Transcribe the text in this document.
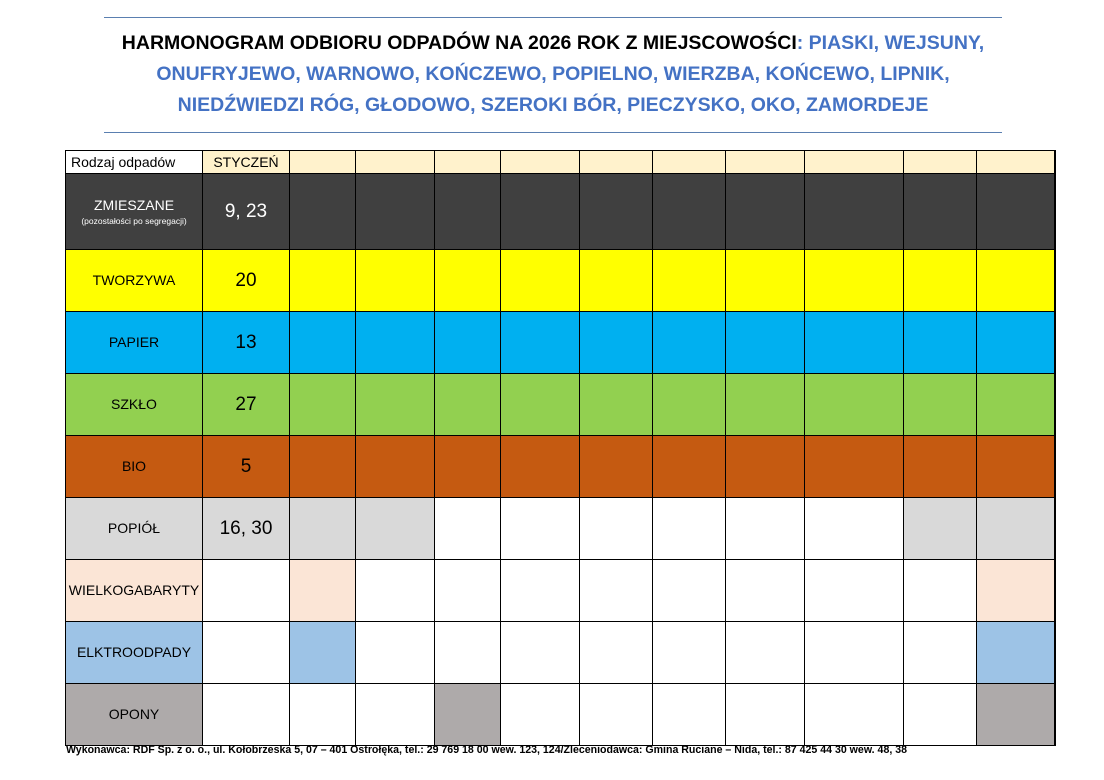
HARMONOGRAM ODBIORU ODPADÓW NA 2026 ROK Z MIEJSCOWOŚCI: PIASKI, WEJSUNY, ONUFRYJEWO, WARNOWO, KOŃCZEWO, POPIELNO, WIERZBA, KOŃCEWO, LIPNIK, NIEDŹWIEDZI RÓG, GŁODOWO, SZEROKI BÓR, PIECZYSKO, OKO, ZAMORDEJE
Rodzaj odpadów	STYCZEŃ											
ZMIESZANE
(pozostałości po segregacji)	9, 23											
TWORZYWA	20											
PAPIER	13											
SZKŁO	27											
BIO	5											
POPIÓŁ	16, 30											
WIELKOGABARYTY												
ELKTROODPADY												
OPONY												
Wykonawca: RDF Sp. z o. o., ul. Kołobrzeska 5, 07 – 401 Ostrołęka, tel.: 29 769 18 00 wew. 123, 124/Zleceniodawca: Gmina Ruciane – Nida, tel.: 87 425 44 30 wew. 48, 38
